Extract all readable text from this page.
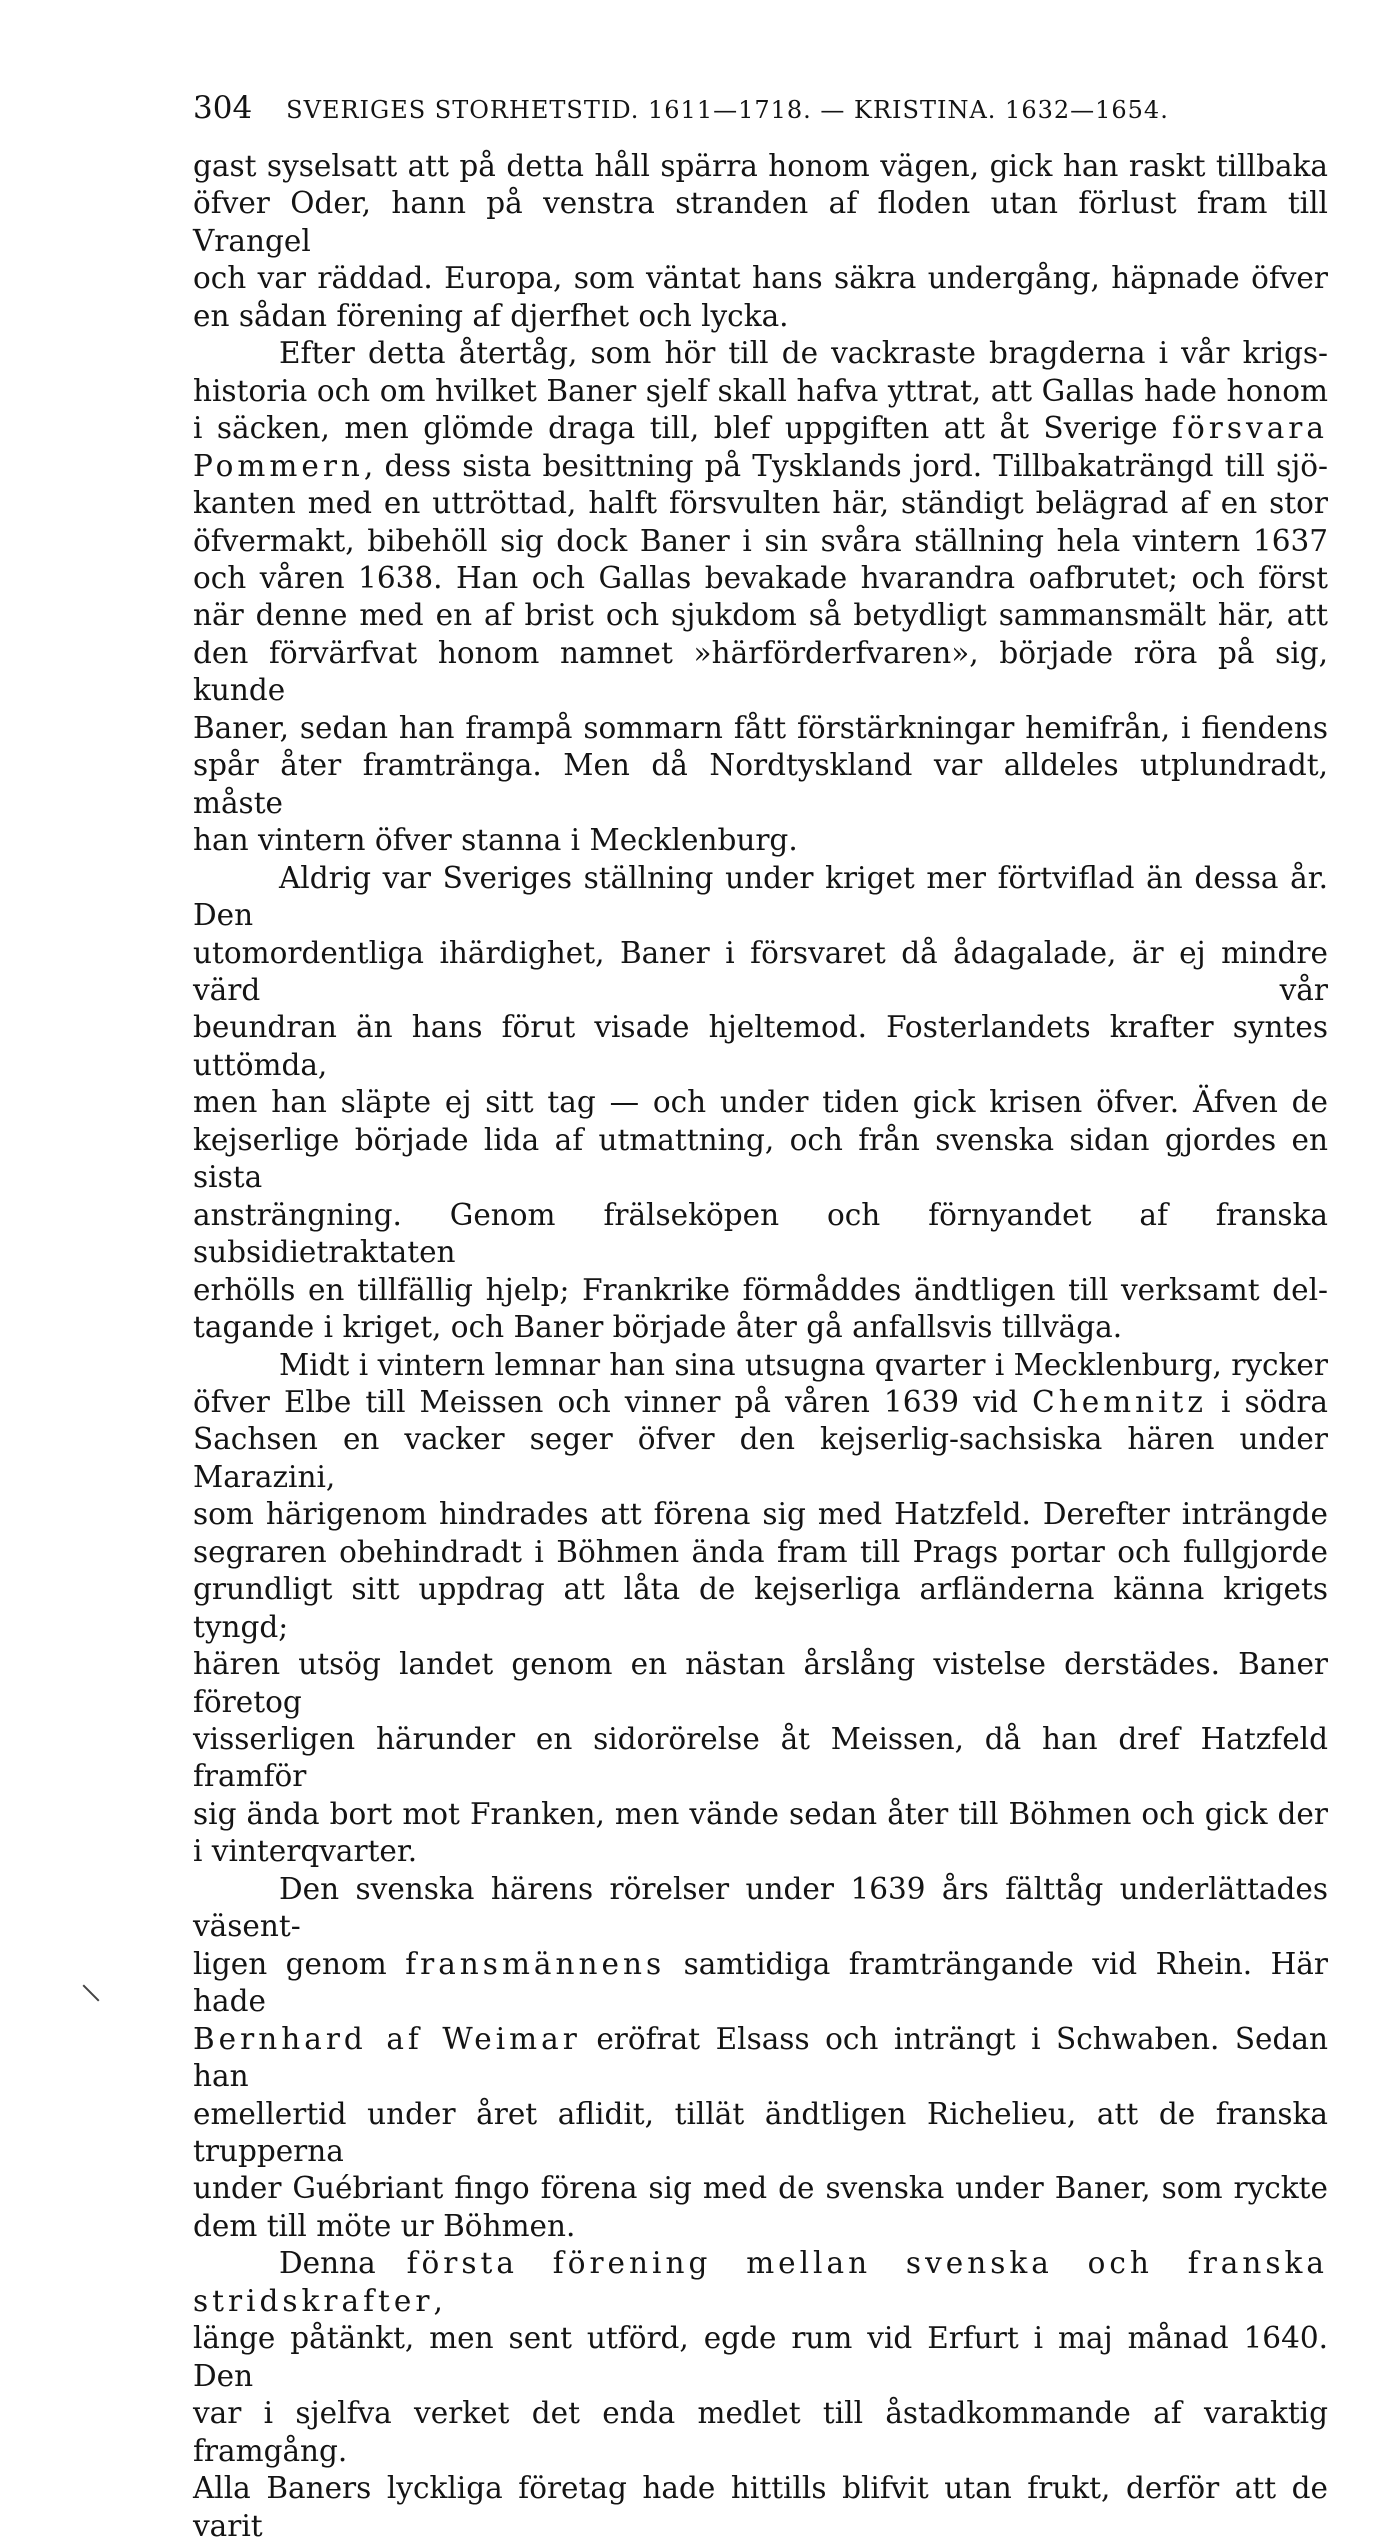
304 SVERIGES STORHETSTID. 1611—1718. — KRISTINA. 1632—1654.

gast syselsatt att på detta håll spärra honom vägen, gick han raskt tillbaka

öfver Oder, hann på venstra stranden af floden utan förlust fram till Vrangel

och var räddad. Europa, som väntat hans säkra undergång, häpnade öfver

en sådan förening af djerfhet och lycka.

Efter detta återtåg, som hör till de vackraste bragderna i vår krigs-

historia och om hvilket Baner sjelf skall hafva yttrat, att Gallas hade honom

i säcken, men glömde draga till, blef uppgiften att åt Sverige försvara

Pommern, dess sista besittning på Tysklands jord. Tillbakaträngd till sjö-

kanten med en uttröttad, halft försvulten här, ständigt belägrad af en stor

öfvermakt, bibehöll sig dock Baner i sin svåra ställning hela vintern 1637

och våren 1638. Han och Gallas bevakade hvarandra oafbrutet; och först

när denne med en af brist och sjukdom så betydligt sammansmält här, att

den förvärfvat honom namnet »härförderfvaren», började röra på sig, kunde

Baner, sedan han frampå sommarn fått förstärkningar hemifrån, i fiendens

spår åter framtränga. Men då Nordtyskland var alldeles utplundradt, måste

han vintern öfver stanna i Mecklenburg.

Aldrig var Sveriges ställning under kriget mer förtviflad än dessa år. Den

utomordentliga ihärdighet, Baner i försvaret då ådagalade, är ej mindre värd vår

beundran än hans förut visade hjeltemod. Fosterlandets krafter syntes uttömda,

men han släpte ej sitt tag — och under tiden gick krisen öfver. Äfven de

kejserlige började lida af utmattning, och från svenska sidan gjordes en sista

ansträngning. Genom frälseköpen och förnyandet af franska subsidietraktaten

erhölls en tillfällig hjelp; Frankrike förmåddes ändtligen till verksamt del-

tagande i kriget, och Baner började åter gå anfallsvis tillväga.

Midt i vintern lemnar han sina utsugna qvarter i Mecklenburg, rycker

öfver Elbe till Meissen och vinner på våren 1639 vid Chemnitz i södra

Sachsen en vacker seger öfver den kejserlig-sachsiska hären under Marazini,

som härigenom hindrades att förena sig med Hatzfeld. Derefter inträngde

segraren obehindradt i Böhmen ända fram till Prags portar och fullgjorde

grundligt sitt uppdrag att låta de kejserliga arfländerna känna krigets tyngd;

hären utsög landet genom en nästan årslång vistelse derstädes. Baner företog

visserligen härunder en sidorörelse åt Meissen, då han dref Hatzfeld framför

sig ända bort mot Franken, men vände sedan åter till Böhmen och gick der

i vinterqvarter.

Den svenska härens rörelser under 1639 års fälttåg underlättades väsent-

ligen genom fransmännens samtidiga framträngande vid Rhein. Här hade

Bernhard af Weimar eröfrat Elsass och inträngt i Schwaben. Sedan han

emellertid under året aflidit, tillät ändtligen Richelieu, att de franska trupperna

under Guébriant fingo förena sig med de svenska under Baner, som ryckte

dem till möte ur Böhmen.

Denna första förening mellan svenska och franska stridskrafter,

länge påtänkt, men sent utförd, egde rum vid Erfurt i maj månad 1640. Den

var i sjelfva verket det enda medlet till åstadkommande af varaktig framgång.

Alla Baners lyckliga företag hade hittills blifvit utan frukt, derför att de varit
